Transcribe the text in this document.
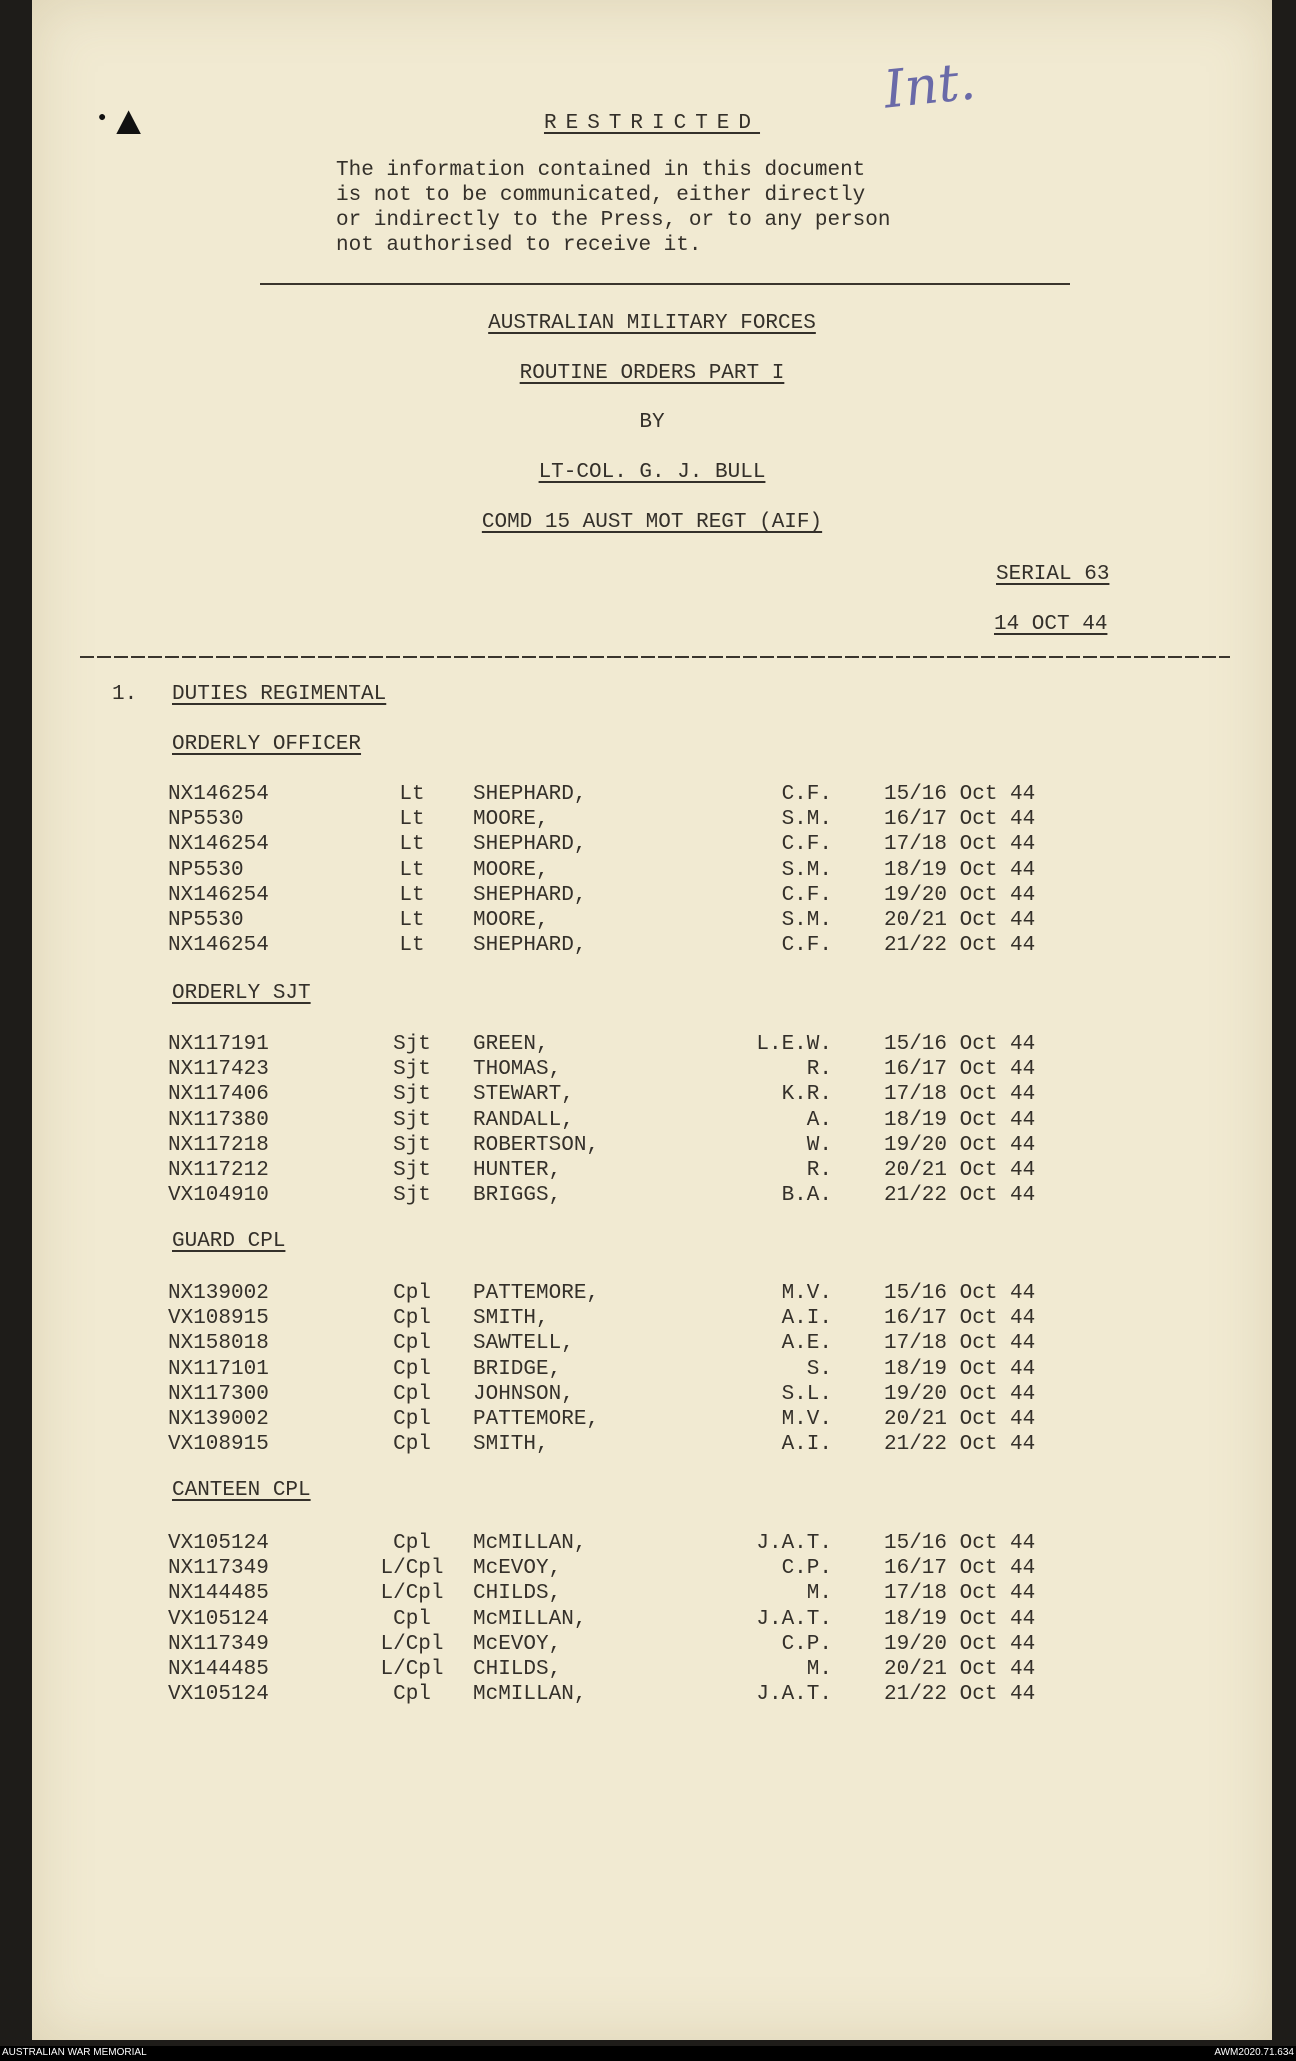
Int.
▲
●	RESTRICTED
The information contained in this document
is not to be communicated, either directly
or indirectly to the Press, or to any person
not authorised to receive it.
AUSTRALIAN MILITARY FORCES
ROUTINE ORDERS PART I
BY
LT-COL. G. J. BULL
COMD 15 AUST MOT REGT (AIF)
SERIAL 63
14 OCT 44
1. DUTIES REGIMENTAL
ORDERLY OFFICER
NX146254	Lt	SHEPHARD,	C.F. 15/16 Oct 44
NP5530	Lt	MOORE,	S.M. 16/17 Oct 44
NX146254	Lt	SHEPHARD,	C.F. 17/18 Oct 44
NP5530	Lt	MOORE,	S.M. 18/19 Oct 44
NX146254	Lt	SHEPHARD,	C.F. 19/20 Oct 44
NP5530	Lt	MOORE,	S.M. 20/21 Oct 44
NX146254	Lt	SHEPHARD,	C.F. 21/22 Oct 44
ORDERLY SJT
NX117191	Sjt	GREEN,	L.E.W. 15/16 Oct 44
NX117423	Sjt	THOMAS,	R. 16/17 Oct 44
NX117406	Sjt	STEWART,	K.R. 17/18 Oct 44
NX117380	Sjt	RANDALL,	A. 18/19 Oct 44
NX117218	Sjt	ROBERTSON,	W. 19/20 Oct 44
NX117212	Sjt	HUNTER,	R. 20/21 Oct 44
VX104910	Sjt	BRIGGS,	B.A. 21/22 Oct 44
GUARD CPL
NX139002	Cpl	PATTEMORE,	M.V. 15/16 Oct 44
VX108915	Cpl	SMITH,	A.I. 16/17 Oct 44
NX158018	Cpl	SAWTELL,	A.E. 17/18 Oct 44
NX117101	Cpl	BRIDGE,	S. 18/19 Oct 44
NX117300	Cpl	JOHNSON,	S.L. 19/20 Oct 44
NX139002	Cpl	PATTEMORE,	M.V. 20/21 Oct 44
VX108915	Cpl	SMITH,	A.I. 21/22 Oct 44
CANTEEN CPL
VX105124	Cpl	McMILLAN,	J.A.T. 15/16 Oct 44
NX117349	L/Cpl	McEVOY,	C.P. 16/17 Oct 44
NX144485	L/Cpl	CHILDS,	M. 17/18 Oct 44
VX105124	Cpl	McMILLAN,	J.A.T. 18/19 Oct 44
NX117349	L/Cpl	McEVOY,	C.P. 19/20 Oct 44
NX144485	L/Cpl	CHILDS,	M. 20/21 Oct 44
VX105124	Cpl	McMILLAN,	J.A.T. 21/22 Oct 44
AUSTRALIAN WAR MEMORIAL	AWM2020.71.634
